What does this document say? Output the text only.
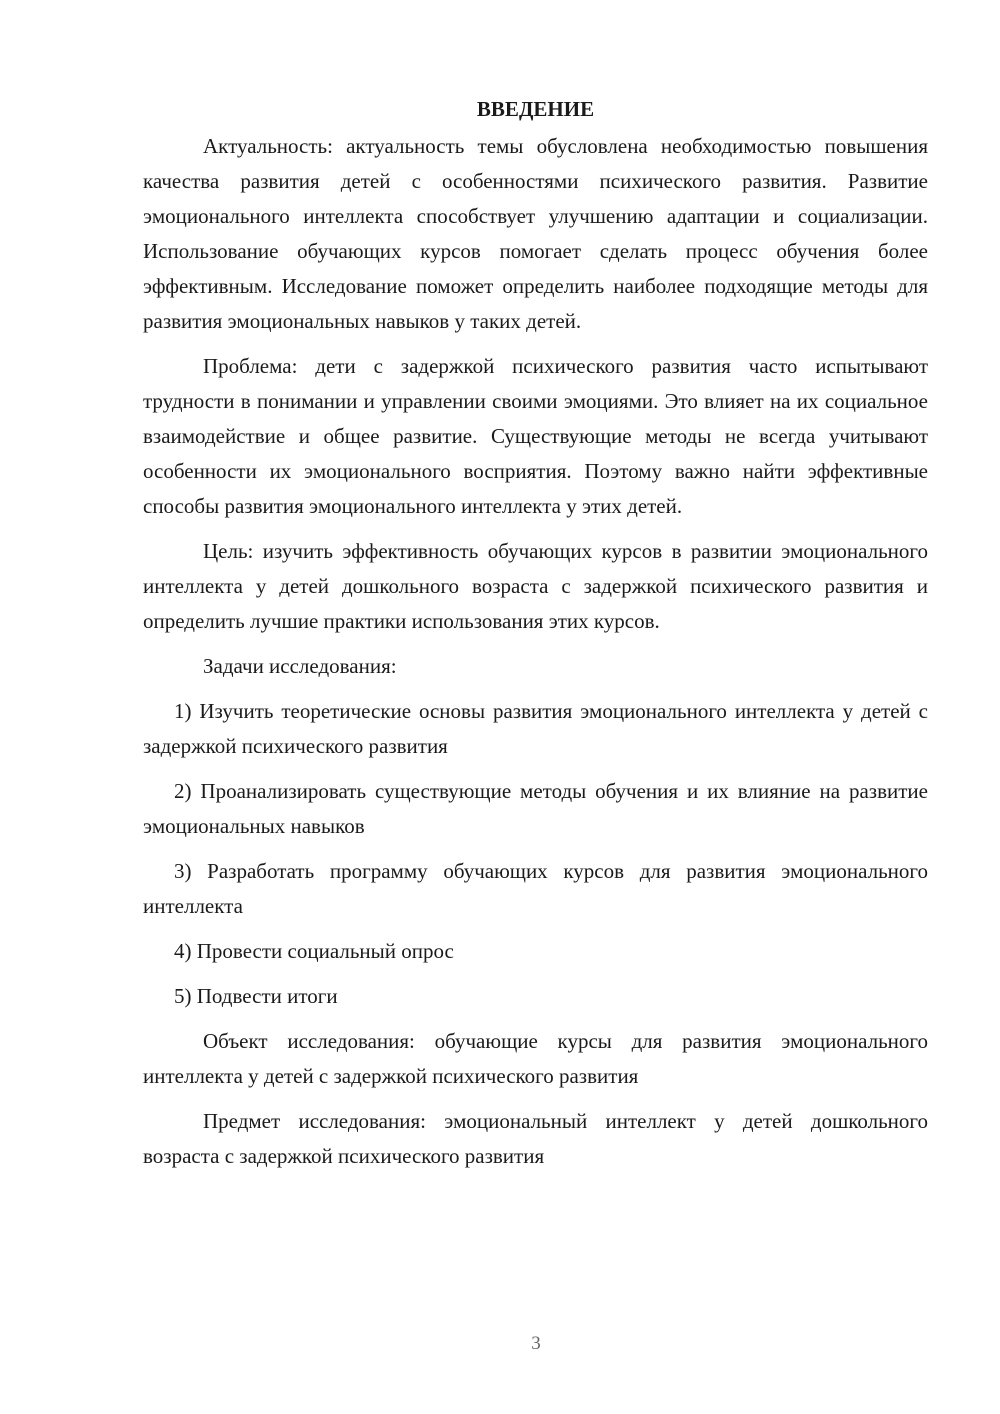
ВВЕДЕНИЕ

Актуальность: актуальность темы обусловлена необходимостью повышения качества развития детей с особенностями психического развития. Развитие эмоционального интеллекта способствует улучшению адаптации и социализации. Использование обучающих курсов помогает сделать процесс обучения более эффективным. Исследование поможет определить наиболее подходящие методы для развития эмоциональных навыков у таких детей.

Проблема: дети с задержкой психического развития часто испытывают трудности в понимании и управлении своими эмоциями. Это влияет на их социальное взаимодействие и общее развитие. Существующие методы не всегда учитывают особенности их эмоционального восприятия. Поэтому важно найти эффективные способы развития эмоционального интеллекта у этих детей.

Цель: изучить эффективность обучающих курсов в развитии эмоционального интеллекта у детей дошкольного возраста с задержкой психического развития и определить лучшие практики использования этих курсов.

Задачи исследования:

1) Изучить теоретические основы развития эмоционального интеллекта у детей с задержкой психического развития

2) Проанализировать существующие методы обучения и их влияние на развитие эмоциональных навыков

3) Разработать программу обучающих курсов для развития эмоционального интеллекта

4) Провести социальный опрос

5) Подвести итоги

Объект исследования: обучающие курсы для развития эмоционального интеллекта у детей с задержкой психического развития

Предмет исследования: эмоциональный интеллект у детей дошкольного возраста с задержкой психического развития

3
